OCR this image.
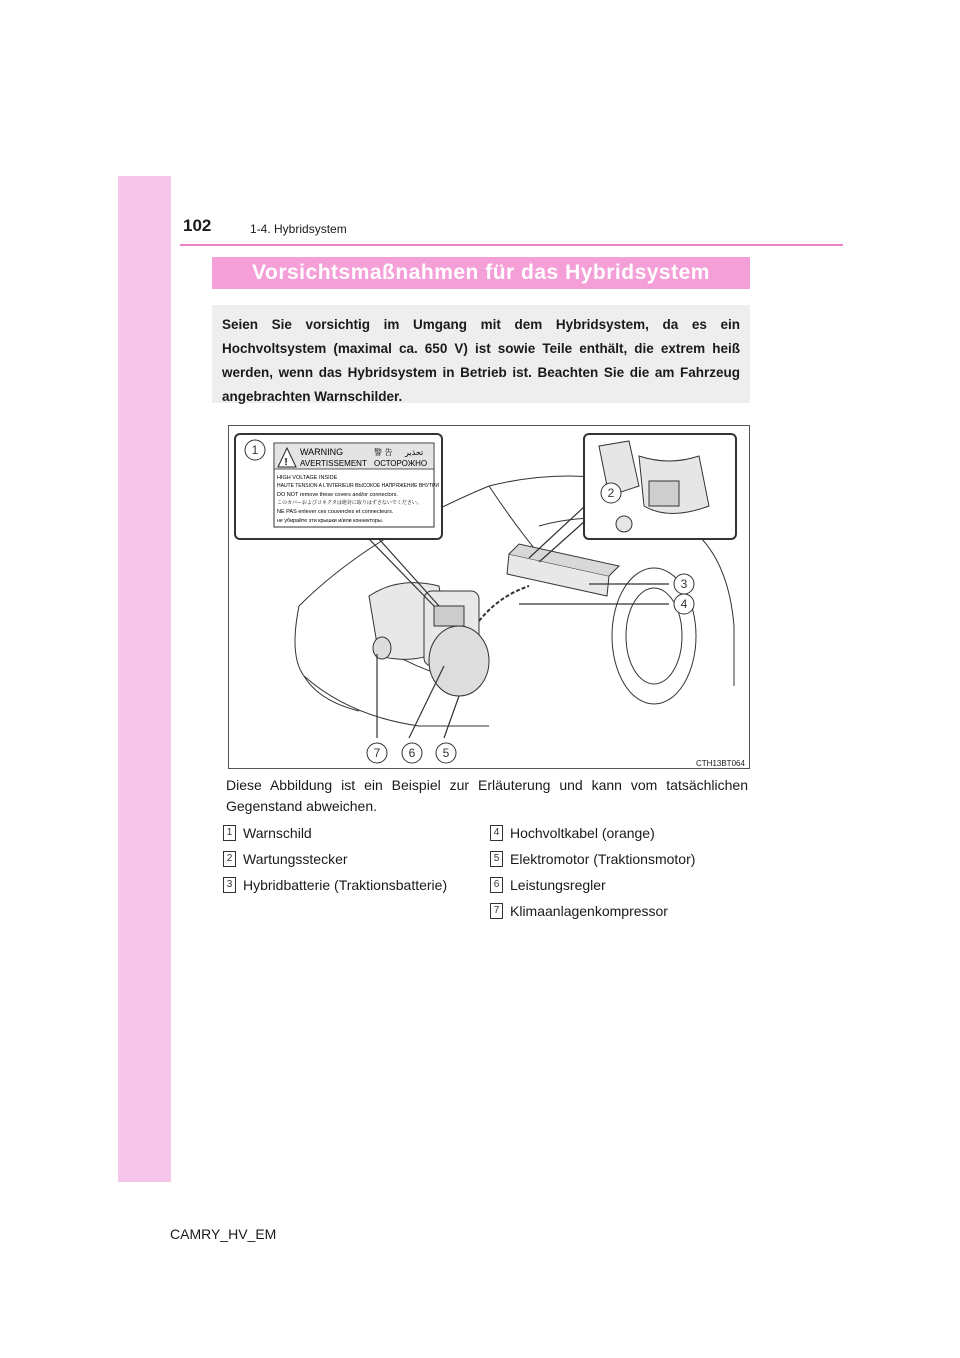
102	1-4. Hybridsystem
Vorsichtsmaßnahmen für das Hybridsystem
Seien Sie vorsichtig im Umgang mit dem Hybridsystem, da es ein Hochvoltsystem (maximal ca. 650 V) ist sowie Teile enthält, die extrem heiß werden, wenn das Hybridsystem in Betrieb ist. Beachten Sie die am Fahrzeug angebrachten Warnschilder.
!
WARNING	警 告 تحذير
AVERTISSEMENT ОСТОРОЖНО
HIGH VOLTAGE INSIDE
HAUTE TENSION A L'INTERIEUR ВЫСОКОЕ НАПРЯЖЕНИЕ ВНУТРИ
DO NOT remove these covers and/or connectors.
このカバーおよびコネクタは絶対に取りはずさないでください。
NE PAS enlever ces couvercles et connecteurs.
не убирайте эти крышки и/или коннекторы.
1
2
3
4
5
6
7
CTH13BT064
Diese Abbildung ist ein Beispiel zur Erläuterung und kann vom tatsächlichen Gegenstand abweichen.
1 Warnschild
2 Wartungsstecker
3 Hybridbatterie (Traktionsbatterie)
4 Hochvoltkabel (orange)
5 Elektromotor (Traktionsmotor)
6 Leistungsregler
7 Klimaanlagenkompressor
CAMRY_HV_EM
